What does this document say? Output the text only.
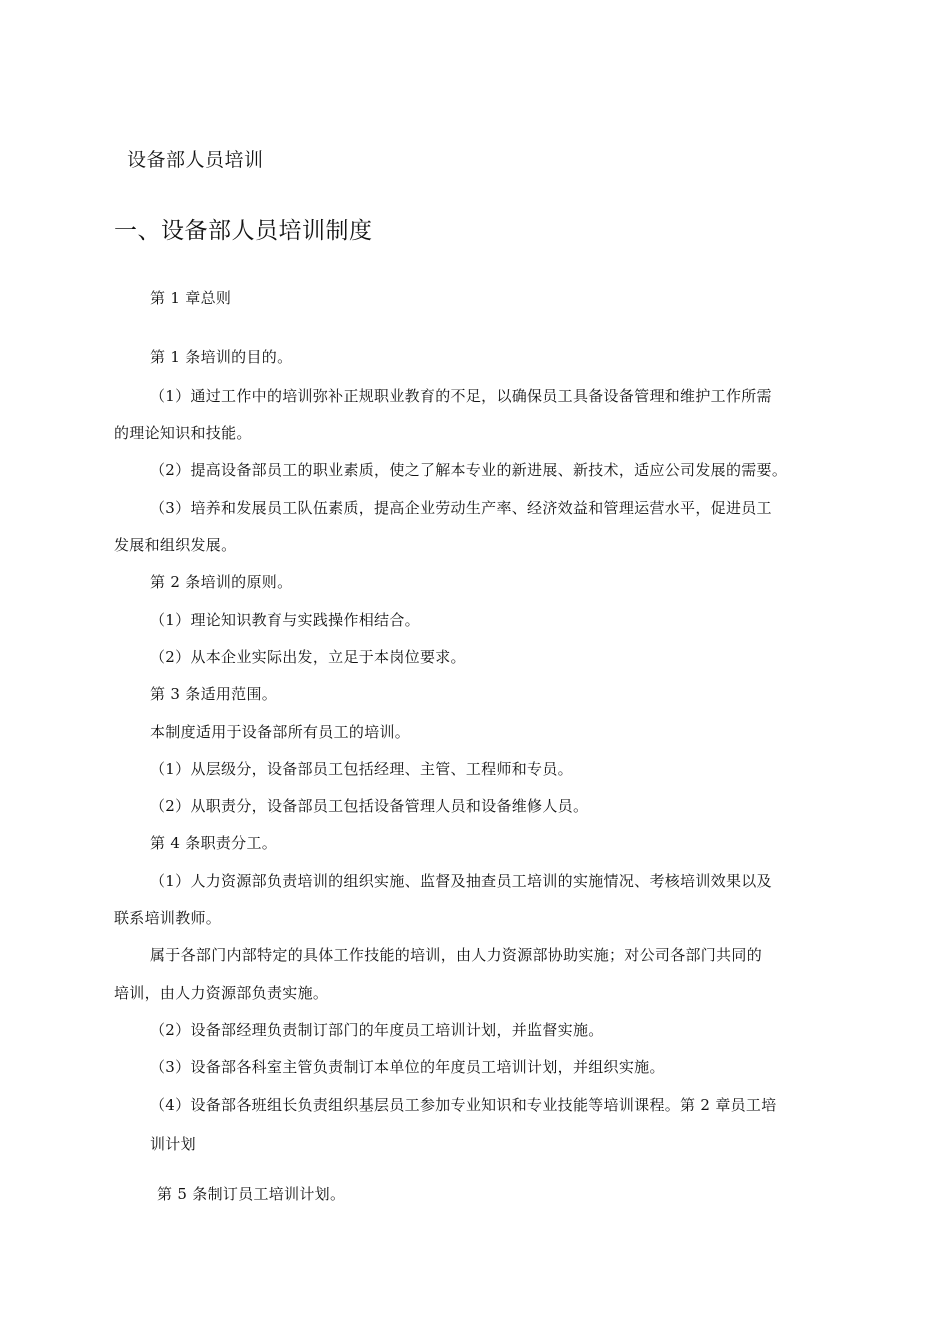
设备部人员培训
一、设备部人员培训制度
第 1 章总则
第 1 条培训的目的。
（1）通过工作中的培训弥补正规职业教育的不足，以确保员工具备设备管理和维护工作所需
的理论知识和技能。
（2）提高设备部员工的职业素质，使之了解本专业的新进展、新技术，适应公司发展的需要。
（3）培养和发展员工队伍素质，提高企业劳动生产率、经济效益和管理运营水平，促进员工
发展和组织发展。
第 2 条培训的原则。
（1）理论知识教育与实践操作相结合。
（2）从本企业实际出发，立足于本岗位要求。
第 3 条适用范围。
本制度适用于设备部所有员工的培训。
（1）从层级分，设备部员工包括经理、主管、工程师和专员。
（2）从职责分，设备部员工包括设备管理人员和设备维修人员。
第 4 条职责分工。
（1）人力资源部负责培训的组织实施、监督及抽查员工培训的实施情况、考核培训效果以及
联系培训教师。
属于各部门内部特定的具体工作技能的培训，由人力资源部协助实施；对公司各部门共同的
培训，由人力资源部负责实施。
（2）设备部经理负责制订部门的年度员工培训计划，并监督实施。
（3）设备部各科室主管负责制订本单位的年度员工培训计划，并组织实施。
（4）设备部各班组长负责组织基层员工参加专业知识和专业技能等培训课程。第 2 章员工培
训计划
第 5 条制订员工培训计划。
